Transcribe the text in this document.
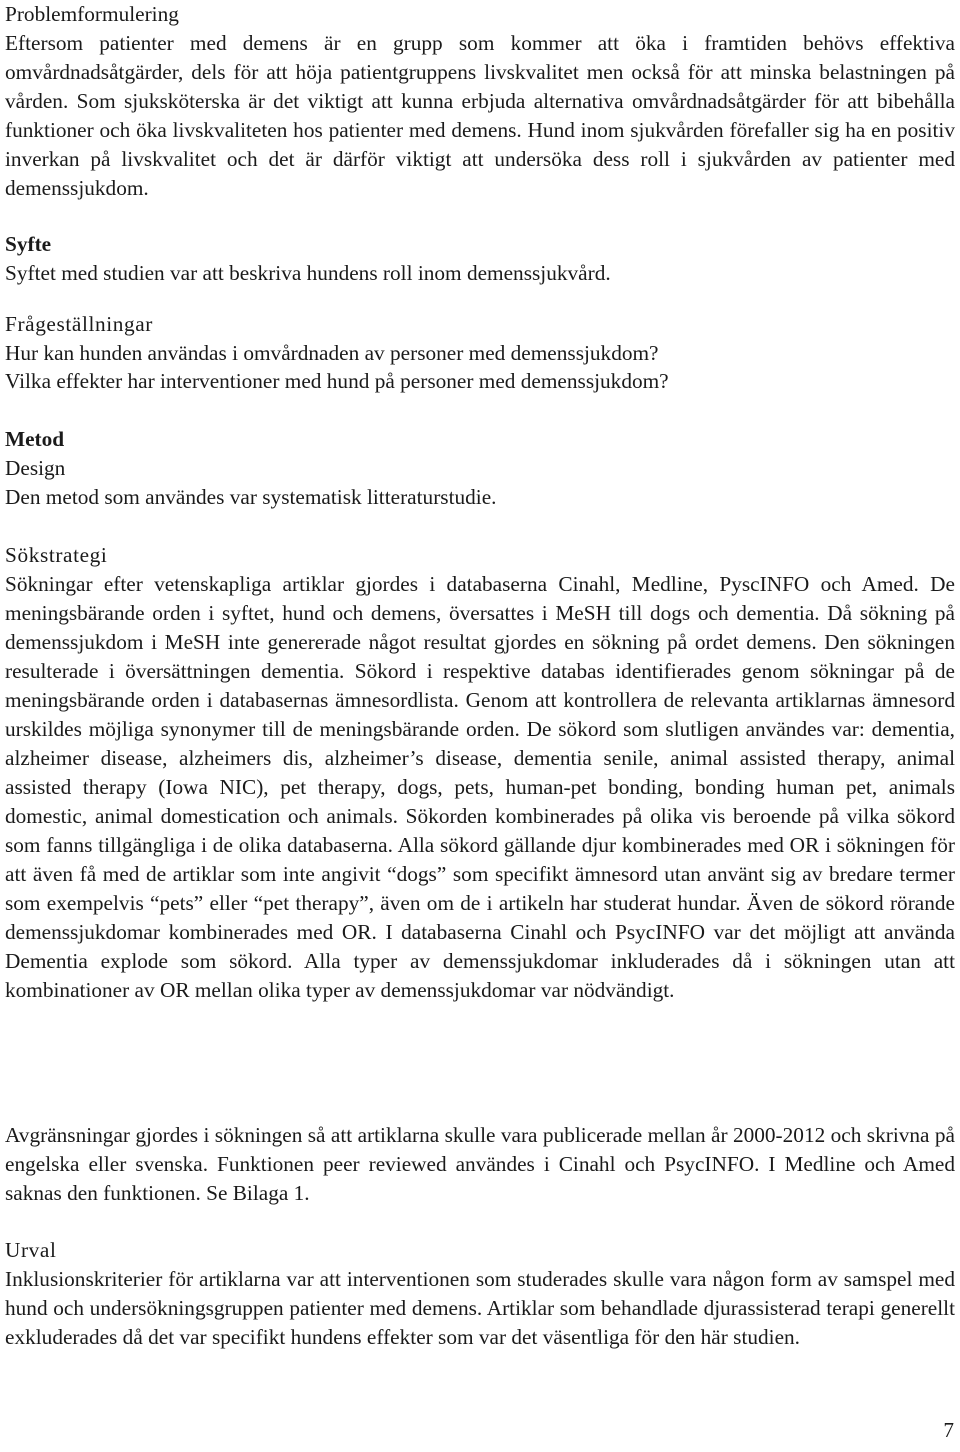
Problemformulering

Eftersom patienter med demens är en grupp som kommer att öka i framtiden behövs effektiva omvårdnadsåtgärder, dels för att höja patientgruppens livskvalitet men också för att minska belastningen på vården. Som sjuksköterska är det viktigt att kunna erbjuda alternativa omvårdnadsåtgärder för att bibehålla funktioner och öka livskvaliteten hos patienter med demens. Hund inom sjukvården förefaller sig ha en positiv inverkan på livskvalitet och det är därför viktigt att undersöka dess roll i sjukvården av patienter med demenssjukdom.

Syfte

Syftet med studien var att beskriva hundens roll inom demenssjukvård.

Frågeställningar

Hur kan hunden användas i omvårdnaden av personer med demenssjukdom?

Vilka effekter har interventioner med hund på personer med demenssjukdom?

Metod
Design

Den metod som användes var systematisk litteraturstudie.

Sökstrategi

Sökningar efter vetenskapliga artiklar gjordes i databaserna Cinahl, Medline, PyscINFO och Amed. De meningsbärande orden i syftet, hund och demens, översattes i MeSH till dogs och dementia. Då sökning på demenssjukdom i MeSH inte genererade något resultat gjordes en sökning på ordet demens. Den sökningen resulterade i översättningen dementia. Sökord i respektive databas identifierades genom sökningar på de meningsbärande orden i databasernas ämnesordlista. Genom att kontrollera de relevanta artiklarnas ämnesord urskildes möjliga synonymer till de meningsbärande orden. De sökord som slutligen användes var: dementia, alzheimer disease, alzheimers dis, alzheimer’s disease, dementia senile, animal assisted therapy, animal assisted therapy (Iowa NIC), pet therapy, dogs, pets, human-pet bonding, bonding human pet, animals domestic, animal domestication och animals. Sökorden kombinerades på olika vis beroende på vilka sökord som fanns tillgängliga i de olika databaserna. Alla sökord gällande djur kombinerades med OR i sökningen för att även få med de artiklar som inte angivit “dogs” som specifikt ämnesord utan använt sig av bredare termer som exempelvis “pets” eller “pet therapy”, även om de i artikeln har studerat hundar. Även de sökord rörande demenssjukdomar kombinerades med OR. I databaserna Cinahl och PsycINFO var det möjligt att använda Dementia explode som sökord. Alla typer av demenssjukdomar inkluderades då i sökningen utan att kombinationer av OR mellan olika typer av demenssjukdomar var nödvändigt.

Avgränsningar gjordes i sökningen så att artiklarna skulle vara publicerade mellan år 2000-2012 och skrivna på engelska eller svenska. Funktionen peer reviewed användes i Cinahl och PsycINFO. I Medline och Amed saknas den funktionen. Se Bilaga 1.

Urval

Inklusionskriterier för artiklarna var att interventionen som studerades skulle vara någon form av samspel med hund och undersökningsgruppen patienter med demens. Artiklar som behandlade djurassisterad terapi generellt exkluderades då det var specifikt hundens effekter som var det väsentliga för den här studien.

7
